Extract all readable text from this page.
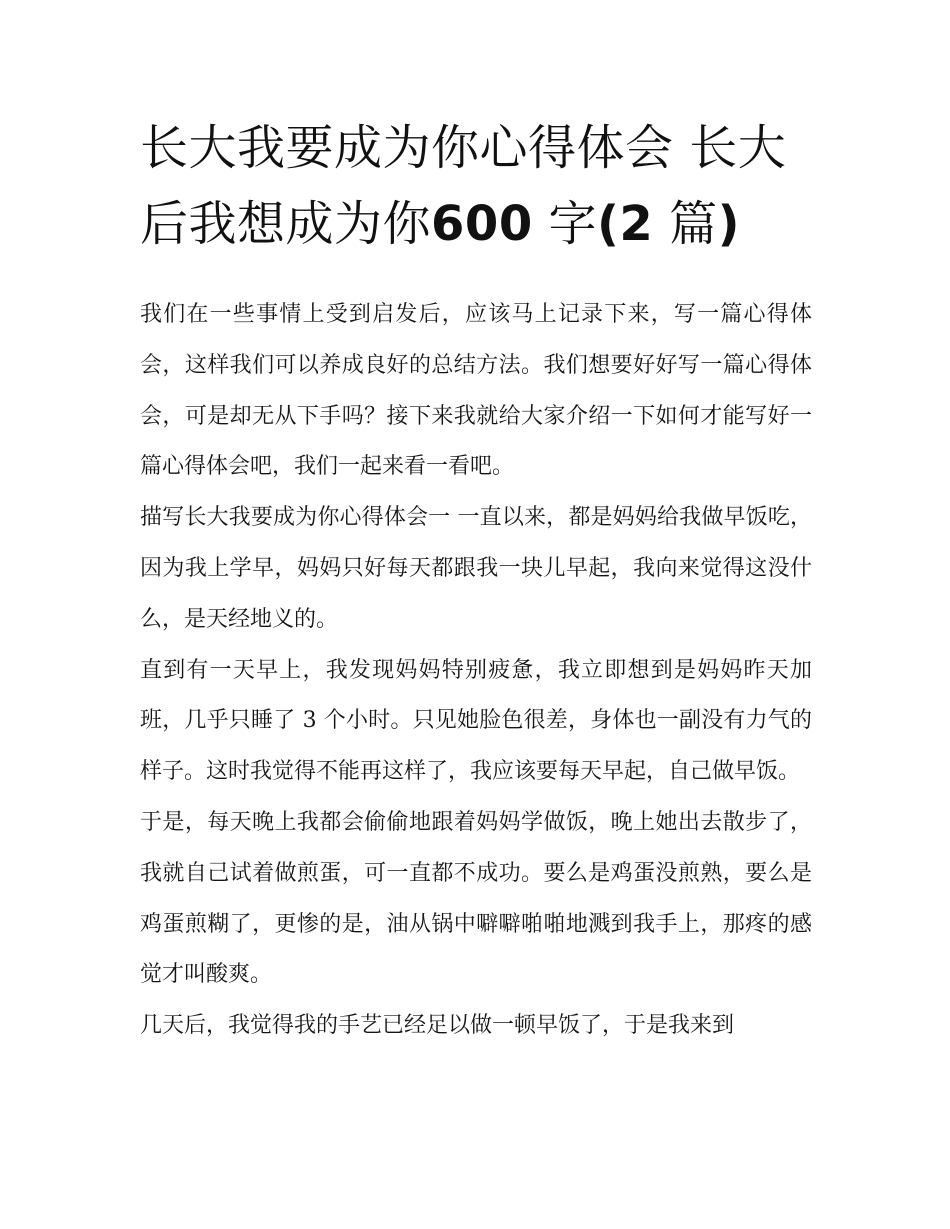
长大我要成为你心得体会 长大后我想成为你600 字(2 篇)

我们在一些事情上受到启发后，应该马上记录下来，写一篇心得体会，这样我们可以养成良好的总结方法。我们想要好好写一篇心得体会，可是却无从下手吗？接下来我就给大家介绍一下如何才能写好一篇心得体会吧，我们一起来看一看吧。

描写长大我要成为你心得体会一 一直以来，都是妈妈给我做早饭吃，因为我上学早，妈妈只好每天都跟我一块儿早起，我向来觉得这没什么，是天经地义的。

直到有一天早上，我发现妈妈特别疲惫，我立即想到是妈妈昨天加班，几乎只睡了 3 个小时。只见她脸色很差，身体也一副没有力气的样子。这时我觉得不能再这样了，我应该要每天早起，自己做早饭。

于是，每天晚上我都会偷偷地跟着妈妈学做饭，晚上她出去散步了，我就自己试着做煎蛋，可一直都不成功。要么是鸡蛋没煎熟，要么是鸡蛋煎糊了，更惨的是，油从锅中噼噼啪啪地溅到我手上，那疼的感觉才叫酸爽。

几天后，我觉得我的手艺已经足以做一顿早饭了，于是我来到
